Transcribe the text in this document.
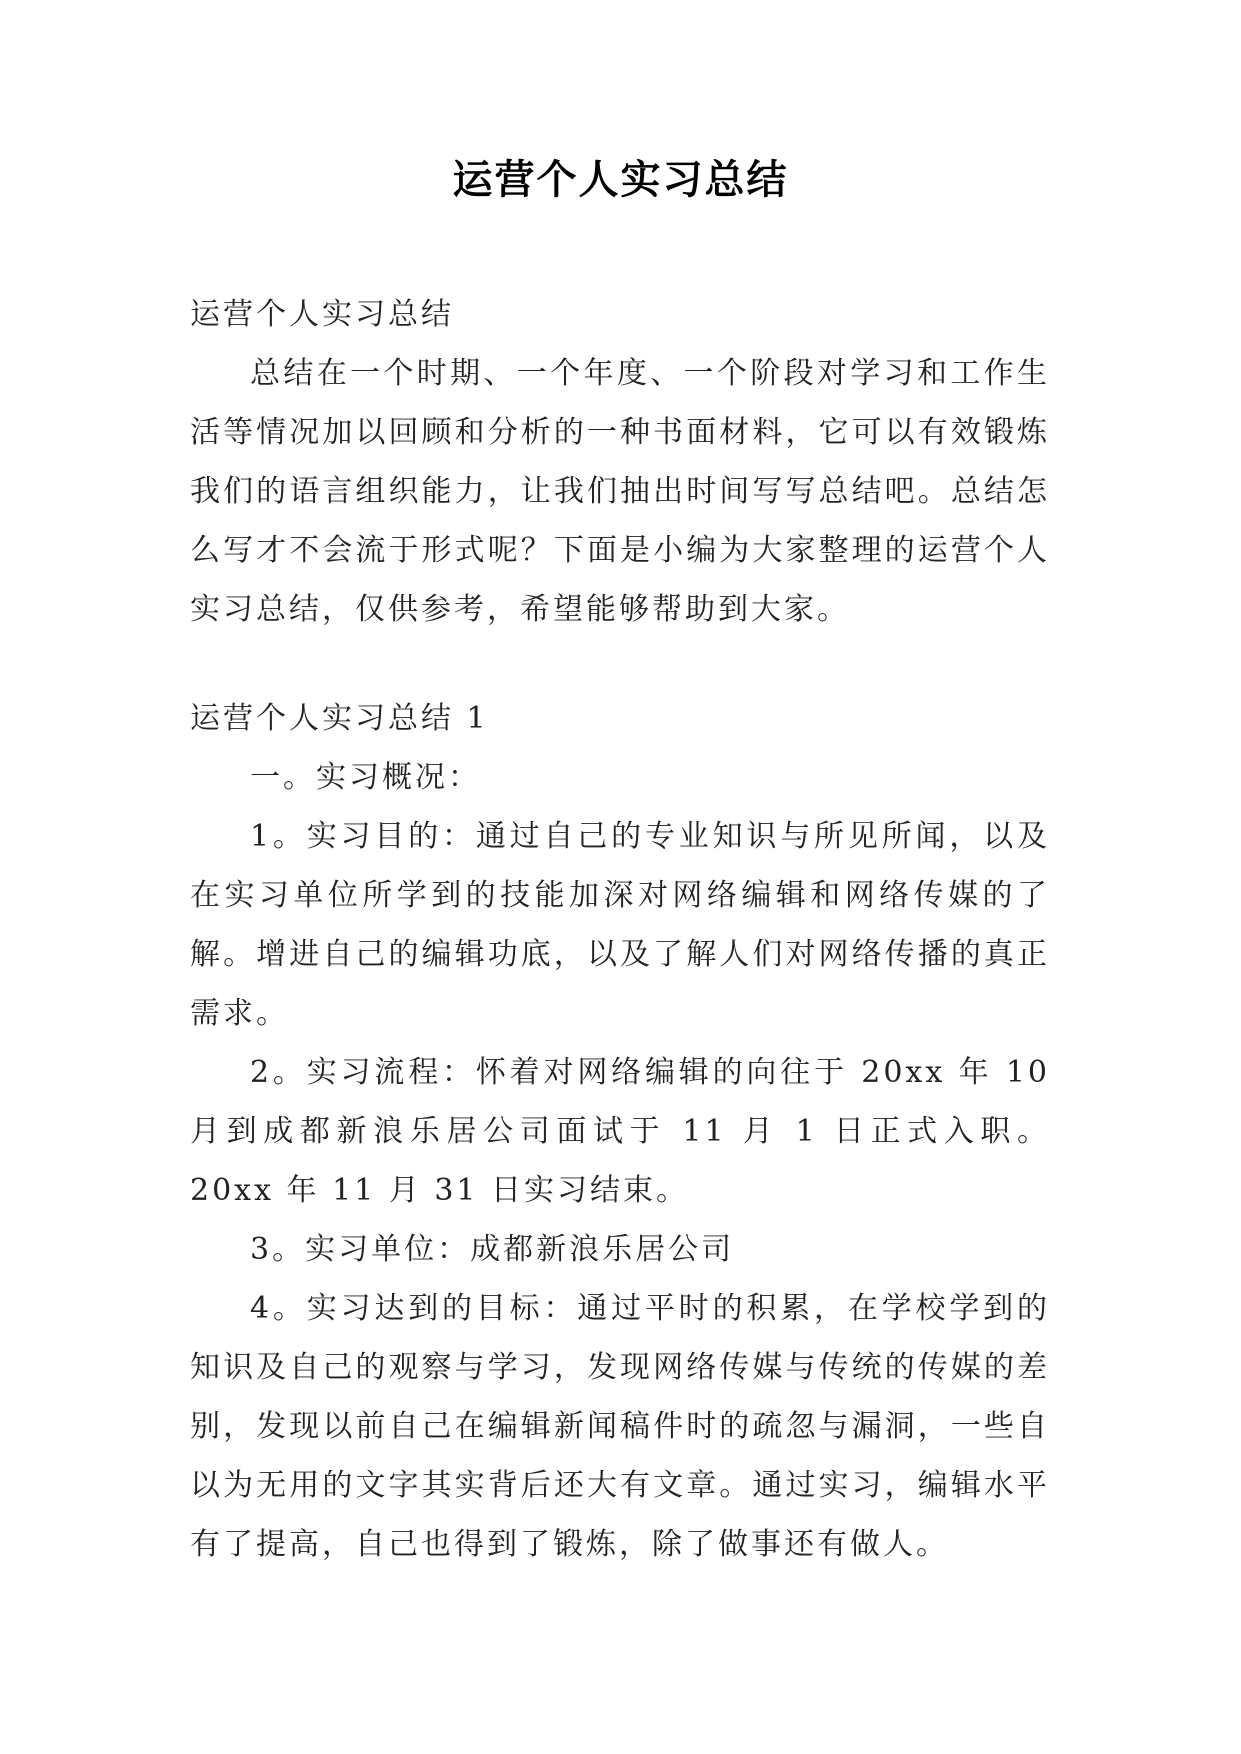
运营个人实习总结

运营个人实习总结

总结在一个时期、一个年度、一个阶段对学习和工作生活等情况加以回顾和分析的一种书面材料，它可以有效锻炼我们的语言组织能力，让我们抽出时间写写总结吧。总结怎么写才不会流于形式呢？下面是小编为大家整理的运营个人实习总结，仅供参考，希望能够帮助到大家。

运营个人实习总结 1

一。实习概况：

1。实习目的：通过自己的专业知识与所见所闻，以及在实习单位所学到的技能加深对网络编辑和网络传媒的了解。增进自己的编辑功底，以及了解人们对网络传播的真正需求。

2。实习流程：怀着对网络编辑的向往于 20xx 年 10 月到成都新浪乐居公司面试于 11 月 1 日正式入职。20xx 年 11 月 31 日实习结束。

3。实习单位：成都新浪乐居公司

4。实习达到的目标：通过平时的积累，在学校学到的知识及自己的观察与学习，发现网络传媒与传统的传媒的差别，发现以前自己在编辑新闻稿件时的疏忽与漏洞，一些自以为无用的文字其实背后还大有文章。通过实习，编辑水平有了提高，自己也得到了锻炼，除了做事还有做人。
